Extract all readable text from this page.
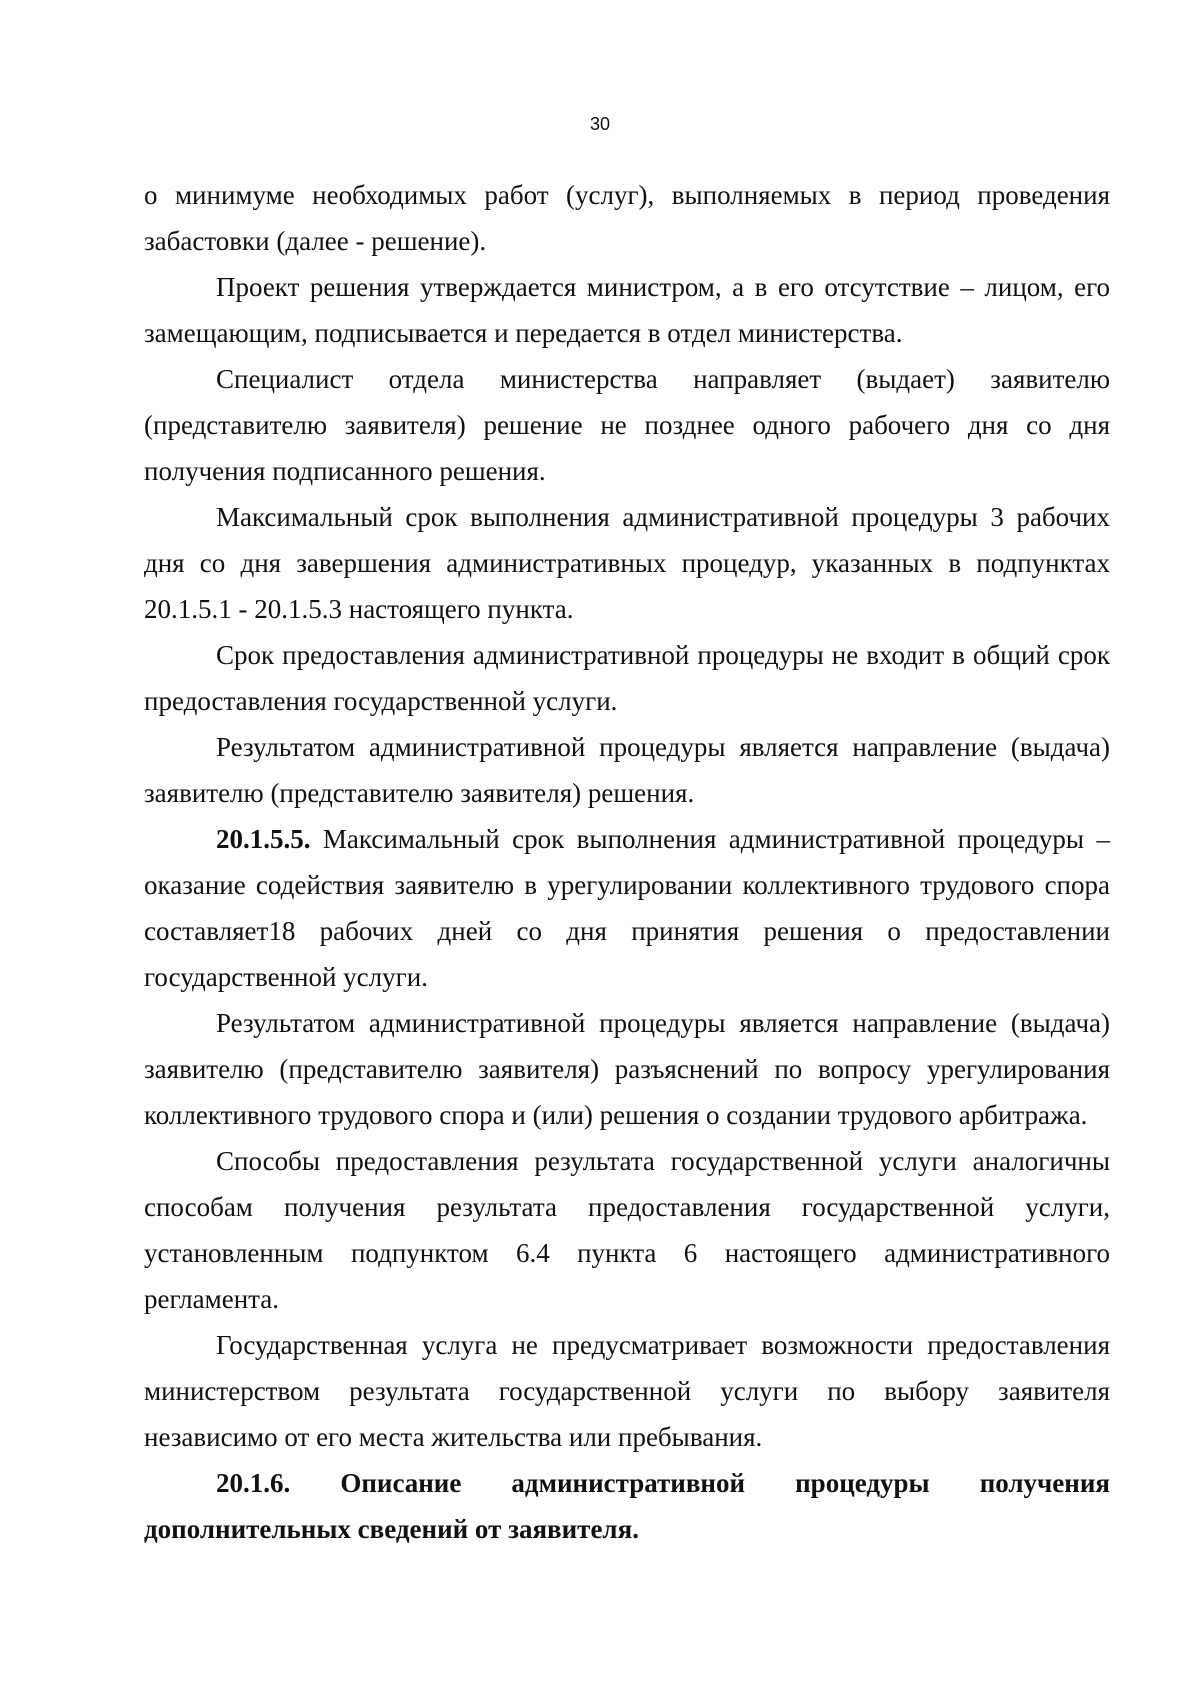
30

о минимуме необходимых работ (услуг), выполняемых в период проведения забастовки (далее - решение).

Проект решения утверждается министром, а в его отсутствие – лицом, его замещающим, подписывается и передается в отдел министерства.

Специалист отдела министерства направляет (выдает) заявителю (представителю заявителя) решение не позднее одного рабочего дня со дня получения подписанного решения.

Максимальный срок выполнения административной процедуры 3 рабочих дня со дня завершения административных процедур, указанных в подпунктах 20.1.5.1 - 20.1.5.3 настоящего пункта.

Срок предоставления административной процедуры не входит в общий срок предоставления государственной услуги.

Результатом административной процедуры является направление (выдача) заявителю (представителю заявителя) решения.

20.1.5.5. Максимальный срок выполнения административной процедуры – оказание содействия заявителю в урегулировании коллективного трудового спора составляет18 рабочих дней со дня принятия решения о предоставлении государственной услуги.

Результатом административной процедуры является направление (выдача) заявителю (представителю заявителя) разъяснений по вопросу урегулирования коллективного трудового спора и (или) решения о создании трудового арбитража.

Способы предоставления результата государственной услуги аналогичны способам получения результата предоставления государственной услуги, установленным подпунктом 6.4 пункта 6 настоящего административного регламента.

Государственная услуга не предусматривает возможности предоставления министерством результата государственной услуги по выбору заявителя независимо от его места жительства или пребывания.

20.1.6. Описание административной процедуры получения дополнительных сведений от заявителя.
